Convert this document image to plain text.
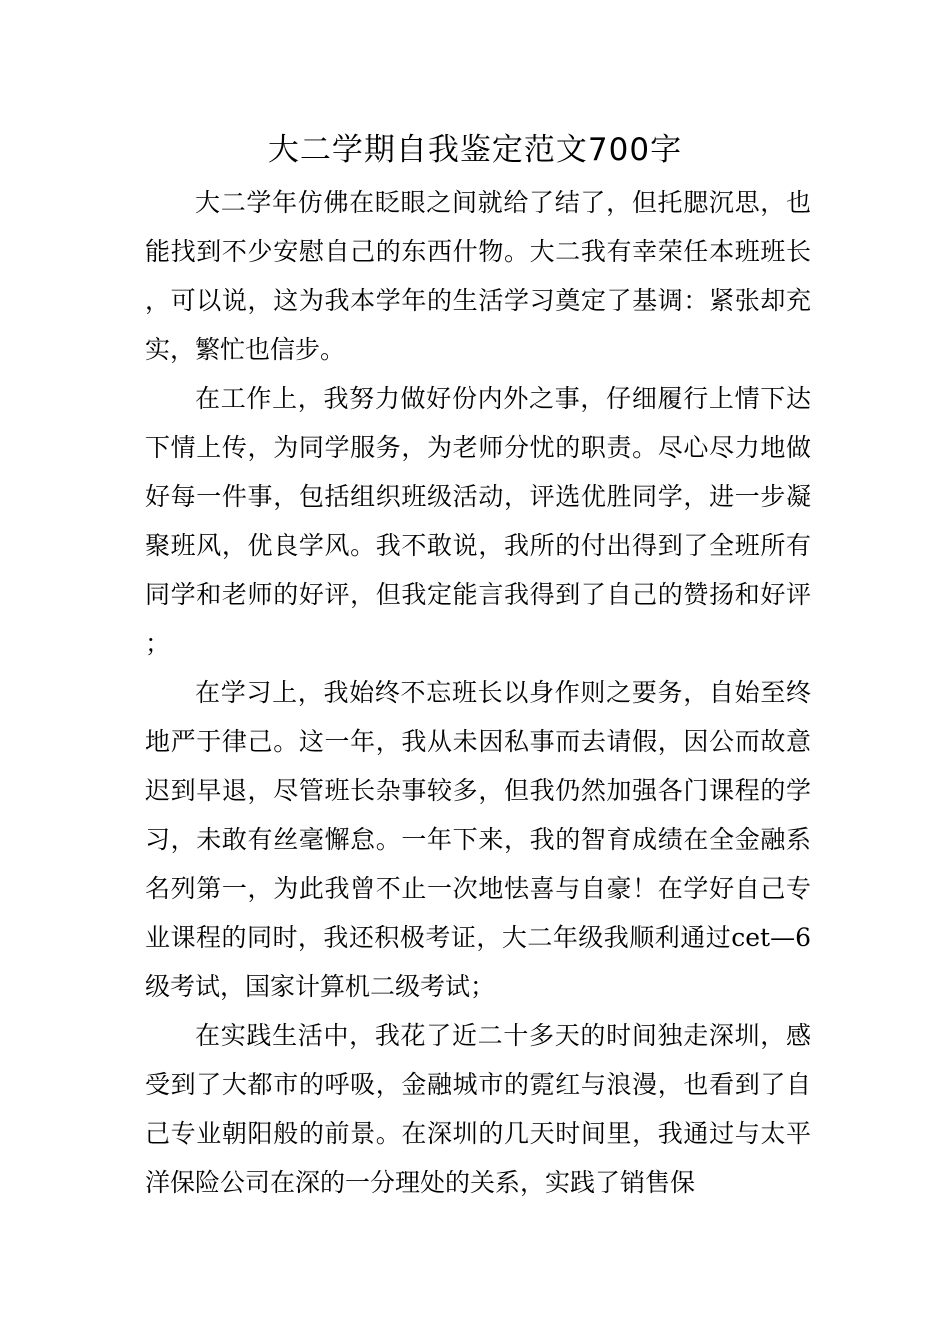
大二学期自我鉴定范文700字

大二学年仿佛在眨眼之间就给了结了，但托腮沉思，也能找到不少安慰自己的东西什物。大二我有幸荣任本班班长，可以说，这为我本学年的生活学习奠定了基调：紧张却充实，繁忙也信步。

在工作上，我努力做好份内外之事，仔细履行上情下达下情上传，为同学服务，为老师分忧的职责。尽心尽力地做好每一件事，包括组织班级活动，评选优胜同学，进一步凝聚班风，优良学风。我不敢说，我所的付出得到了全班所有同学和老师的好评，但我定能言我得到了自己的赞扬和好评；

在学习上，我始终不忘班长以身作则之要务，自始至终地严于律己。这一年，我从未因私事而去请假，因公而故意迟到早退，尽管班长杂事较多，但我仍然加强各门课程的学习，未敢有丝毫懈怠。一年下来，我的智育成绩在全金融系名列第一，为此我曾不止一次地怯喜与自豪！在学好自己专业课程的同时，我还积极考证，大二年级我顺利通过cet—6级考试，国家计算机二级考试；

在实践生活中，我花了近二十多天的时间独走深圳，感受到了大都市的呼吸，金融城市的霓红与浪漫，也看到了自己专业朝阳般的前景。在深圳的几天时间里，我通过与太平洋保险公司在深的一分理处的关系，实践了销售保
